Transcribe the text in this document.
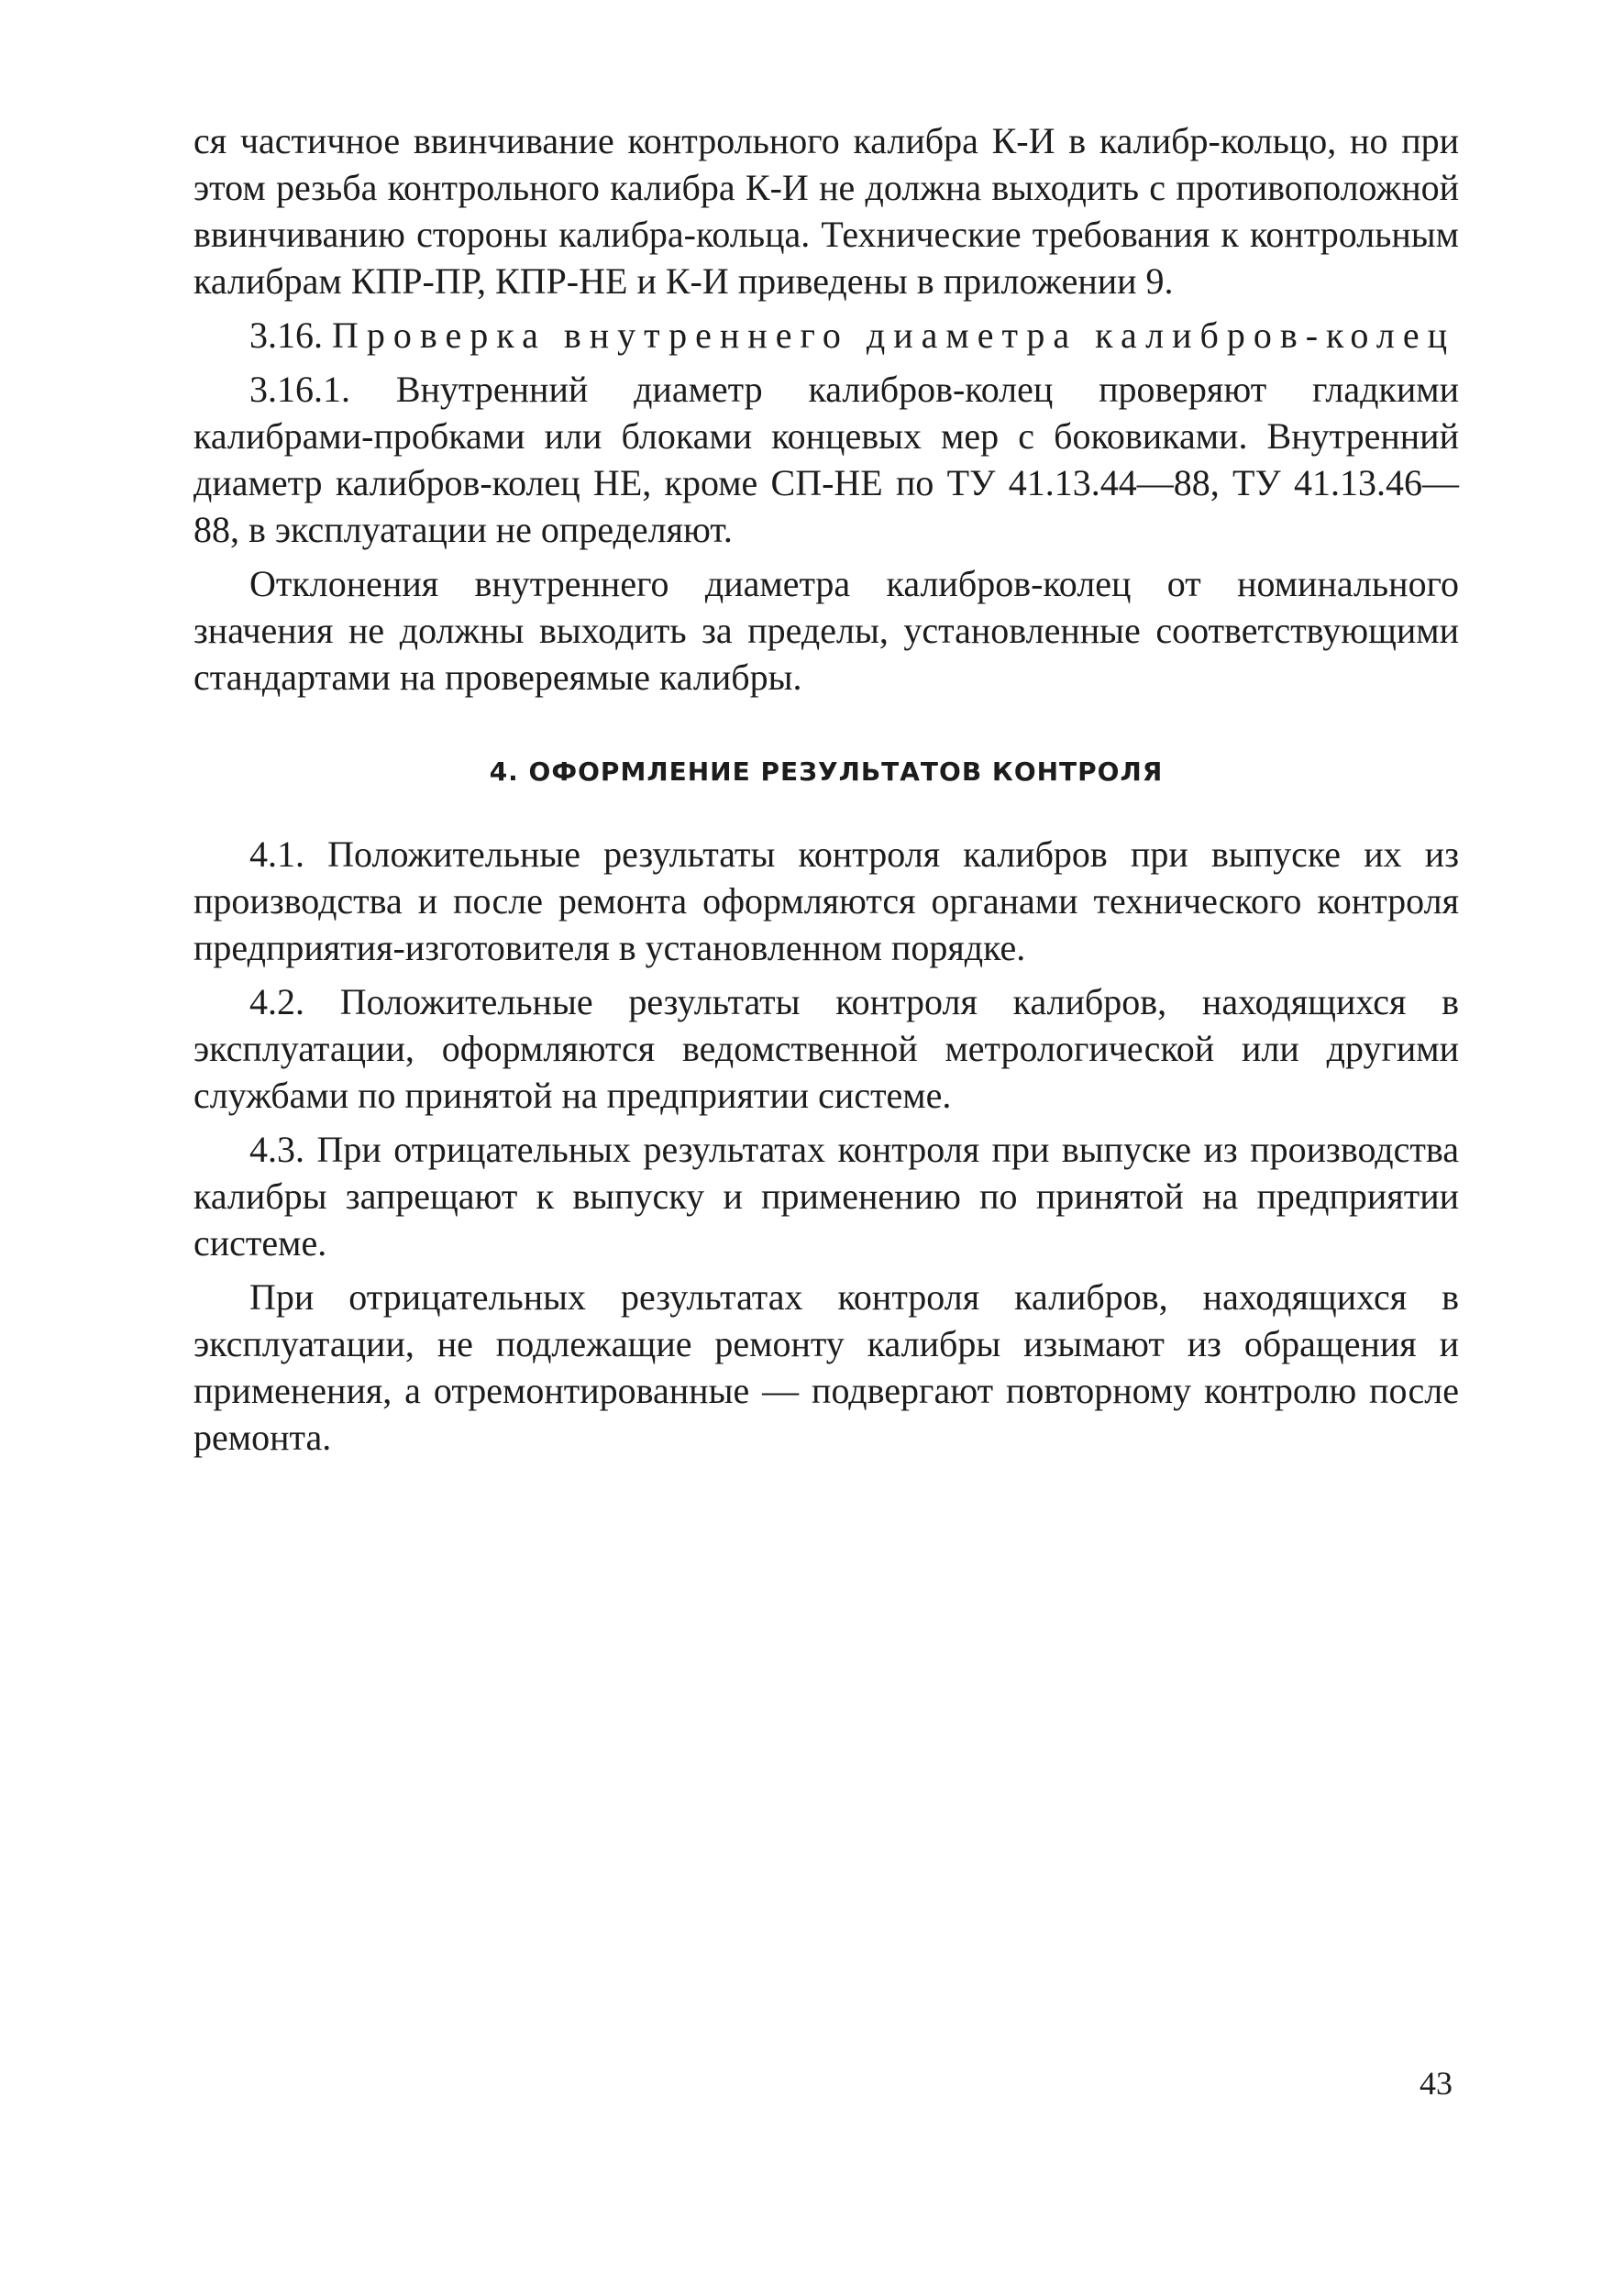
ся частичное ввинчивание контрольного калибра К-И в калибр-кольцо, но при этом резьба контрольного калибра К-И не должна выходить с противоположной ввинчиванию стороны калибра-кольца. Технические требования к контрольным калибрам КПР-ПР, КПР-НЕ и К-И приведены в приложении 9.

3.16. Проверка внутреннего диаметра калибров-колец

3.16.1. Внутренний диаметр калибров-колец проверяют гладкими калибрами-пробками или блоками концевых мер с боковиками. Внутренний диаметр калибров-колец НЕ, кроме СП-НЕ по ТУ 41.13.44—88, ТУ 41.13.46—88, в эксплуатации не определяют.

Отклонения внутреннего диаметра калибров-колец от номинального значения не должны выходить за пределы, установленные соответствующими стандартами на провереямые калибры.

4. ОФОРМЛЕНИЕ РЕЗУЛЬТАТОВ КОНТРОЛЯ

4.1. Положительные результаты контроля калибров при выпуске их из производства и после ремонта оформляются органами технического контроля предприятия-изготовителя в установленном порядке.

4.2. Положительные результаты контроля калибров, находящихся в эксплуатации, оформляются ведомственной метрологической или другими службами по принятой на предприятии системе.

4.3. При отрицательных результатах контроля при выпуске из производства калибры запрещают к выпуску и применению по принятой на предприятии системе.

При отрицательных результатах контроля калибров, находящихся в эксплуатации, не подлежащие ремонту калибры изымают из обращения и применения, а отремонтированные — подвергают повторному контролю после ремонта.

43
